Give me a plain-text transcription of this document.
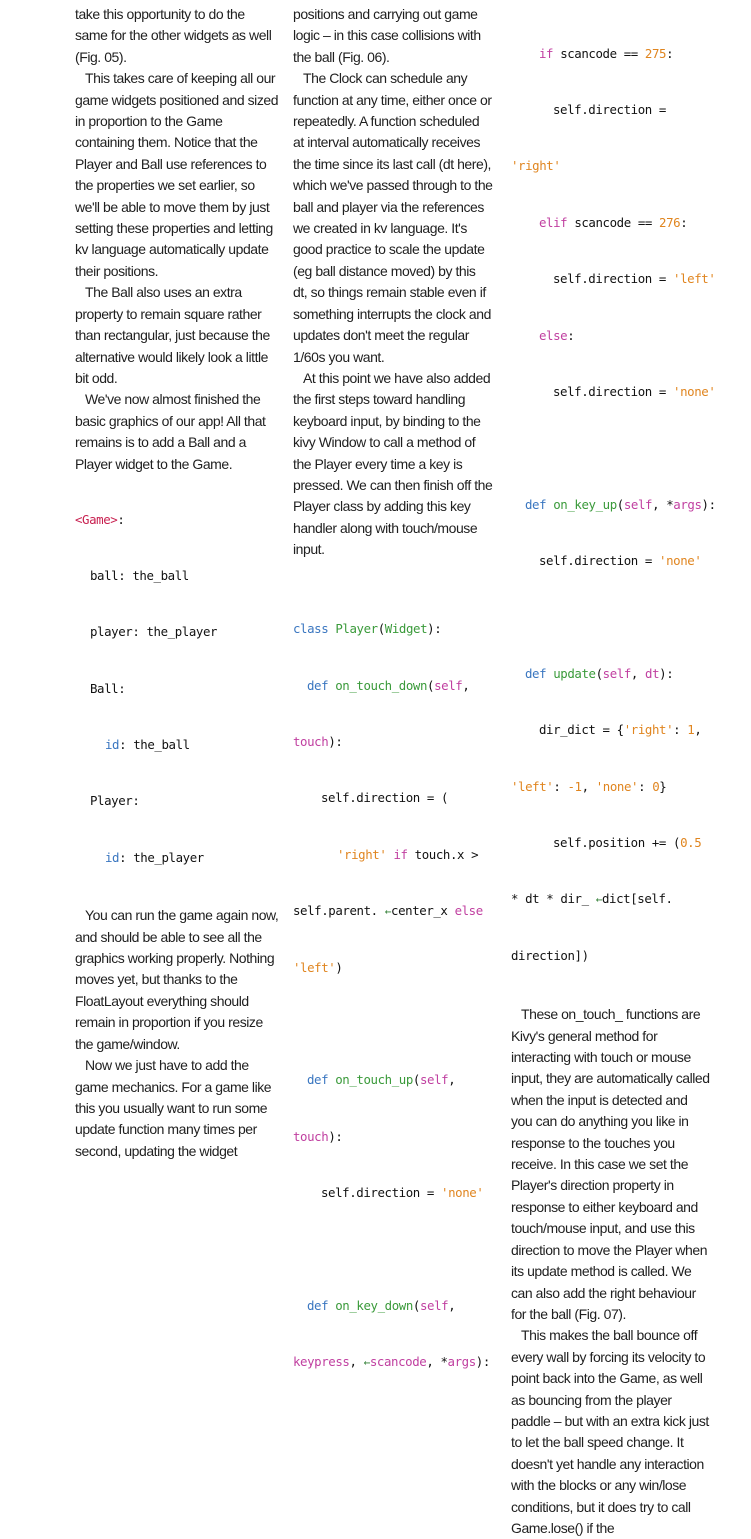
take this opportunity to do the same for the other widgets as well (Fig. 05).

This takes care of keeping all our game widgets positioned and sized in proportion to the Game containing them. Notice that the Player and Ball use references to the properties we set earlier, so we'll be able to move them by just setting these properties and letting kv language automatically update their positions.

The Ball also uses an extra property to remain square rather than rectangular, just because the alternative would likely look a little bit odd.

We've now almost finished the basic graphics of our app! All that remains is to add a Ball and a Player widget to the Game.

<Game>:

ball: the_ball

player: the_player

Ball:

id: the_ball

Player:

id: the_player

You can run the game again now, and should be able to see all the graphics working properly. Nothing moves yet, but thanks to the FloatLayout everything should remain in proportion if you resize the game/window.

Now we just have to add the game mechanics. For a game like this you usually want to run some update function many times per second, updating the widget

positions and carrying out game logic – in this case collisions with the ball (Fig. 06).

The Clock can schedule any function at any time, either once or repeatedly. A function scheduled at interval automatically receives the time since its last call (dt here), which we've passed through to the ball and player via the references we created in kv language. It's good practice to scale the update (eg ball distance moved) by this dt, so things remain stable even if something interrupts the clock and updates don't meet the regular 1/60s you want.

At this point we have also added the first steps toward handling keyboard input, by binding to the kivy Window to call a method of the Player every time a key is pressed. We can then finish off the Player class by adding this key handler along with touch/mouse input.

class Player(Widget):

def on_touch_down(self,

touch):

self.direction = (

'right' if touch.x >

self.parent. ←center_x else

'left')

def on_touch_up(self,

touch):

self.direction = 'none'

def on_key_down(self,

keypress, ←scancode, *args):

if scancode == 275:

self.direction =

'right'

elif scancode == 276:

self.direction = 'left'

else:

self.direction = 'none'

def on_key_up(self, *args):

self.direction = 'none'

def update(self, dt):

dir_dict = {'right': 1,

'left': -1, 'none': 0}

self.position += (0.5

* dt * dir_ ←dict[self.

direction])

These on_touch_ functions are Kivy's general method for interacting with touch or mouse input, they are automatically called when the input is detected and you can do anything you like in response to the touches you receive. In this case we set the Player's direction property in response to either keyboard and touch/mouse input, and use this direction to move the Player when its update method is called. We can also add the right behaviour for the ball (Fig. 07).

This makes the ball bounce off every wall by forcing its velocity to point back into the Game, as well as bouncing from the player paddle – but with an extra kick just to let the ball speed change. It doesn't yet handle any interaction with the blocks or any win/lose conditions, but it does try to call Game.lose() if the
